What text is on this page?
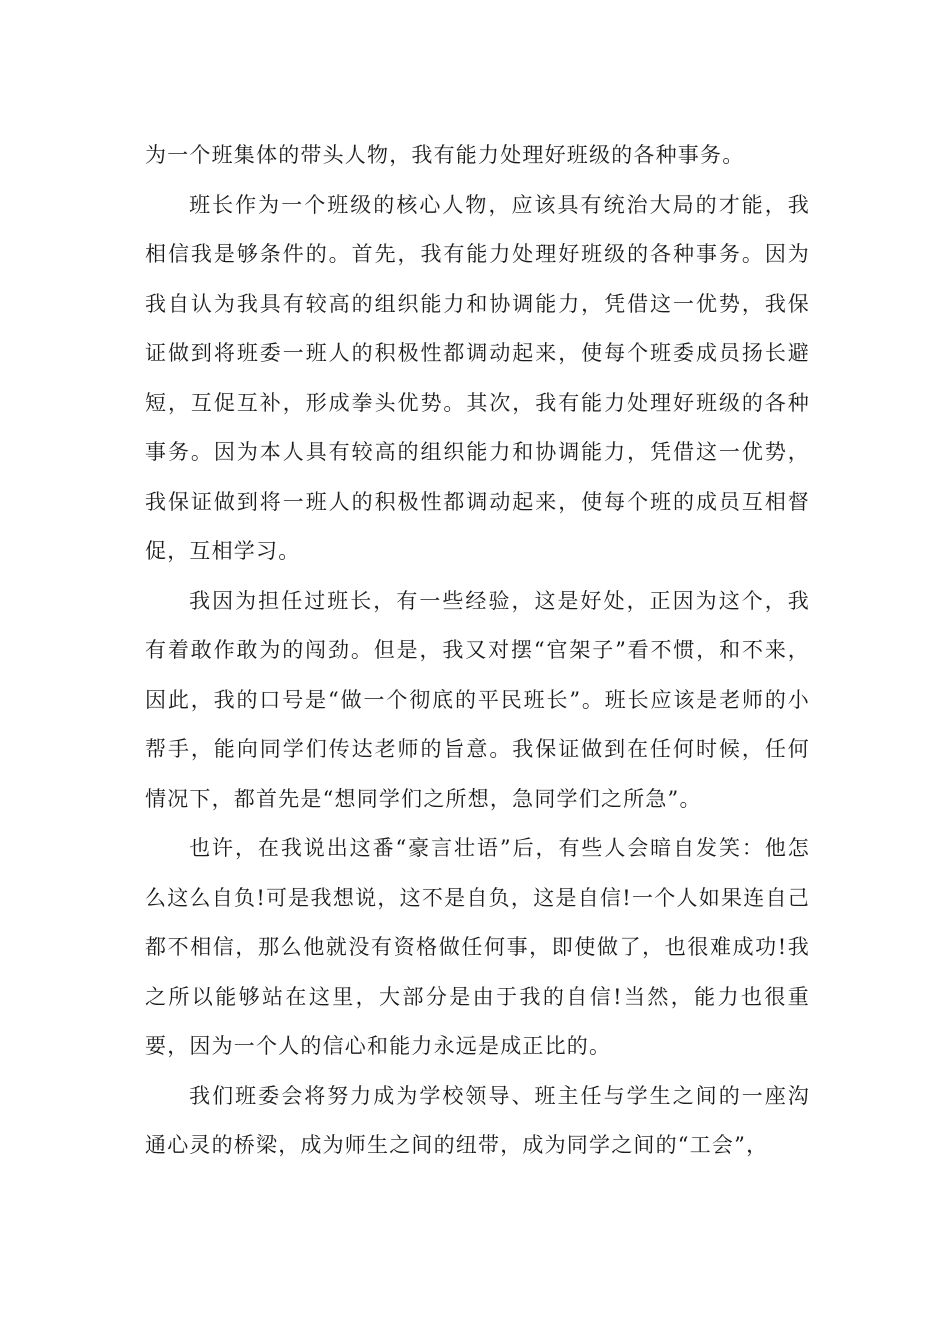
为一个班集体的带头人物，我有能力处理好班级的各种事务。

班长作为一个班级的核心人物，应该具有统治大局的才能，我相信我是够条件的。首先，我有能力处理好班级的各种事务。因为我自认为我具有较高的组织能力和协调能力，凭借这一优势，我保证做到将班委一班人的积极性都调动起来，使每个班委成员扬长避短，互促互补，形成拳头优势。其次，我有能力处理好班级的各种事务。因为本人具有较高的组织能力和协调能力，凭借这一优势，我保证做到将一班人的积极性都调动起来，使每个班的成员互相督促，互相学习。

我因为担任过班长，有一些经验，这是好处，正因为这个，我有着敢作敢为的闯劲。但是，我又对摆“官架子”看不惯，和不来，因此，我的口号是“做一个彻底的平民班长”。班长应该是老师的小帮手，能向同学们传达老师的旨意。我保证做到在任何时候，任何情况下，都首先是“想同学们之所想，急同学们之所急”。

也许，在我说出这番“豪言壮语”后，有些人会暗自发笑：他怎么这么自负!可是我想说，这不是自负，这是自信!一个人如果连自己都不相信，那么他就没有资格做任何事，即使做了，也很难成功!我之所以能够站在这里，大部分是由于我的自信!当然，能力也很重要，因为一个人的信心和能力永远是成正比的。

我们班委会将努力成为学校领导、班主任与学生之间的一座沟通心灵的桥梁，成为师生之间的纽带，成为同学之间的“工会”，
